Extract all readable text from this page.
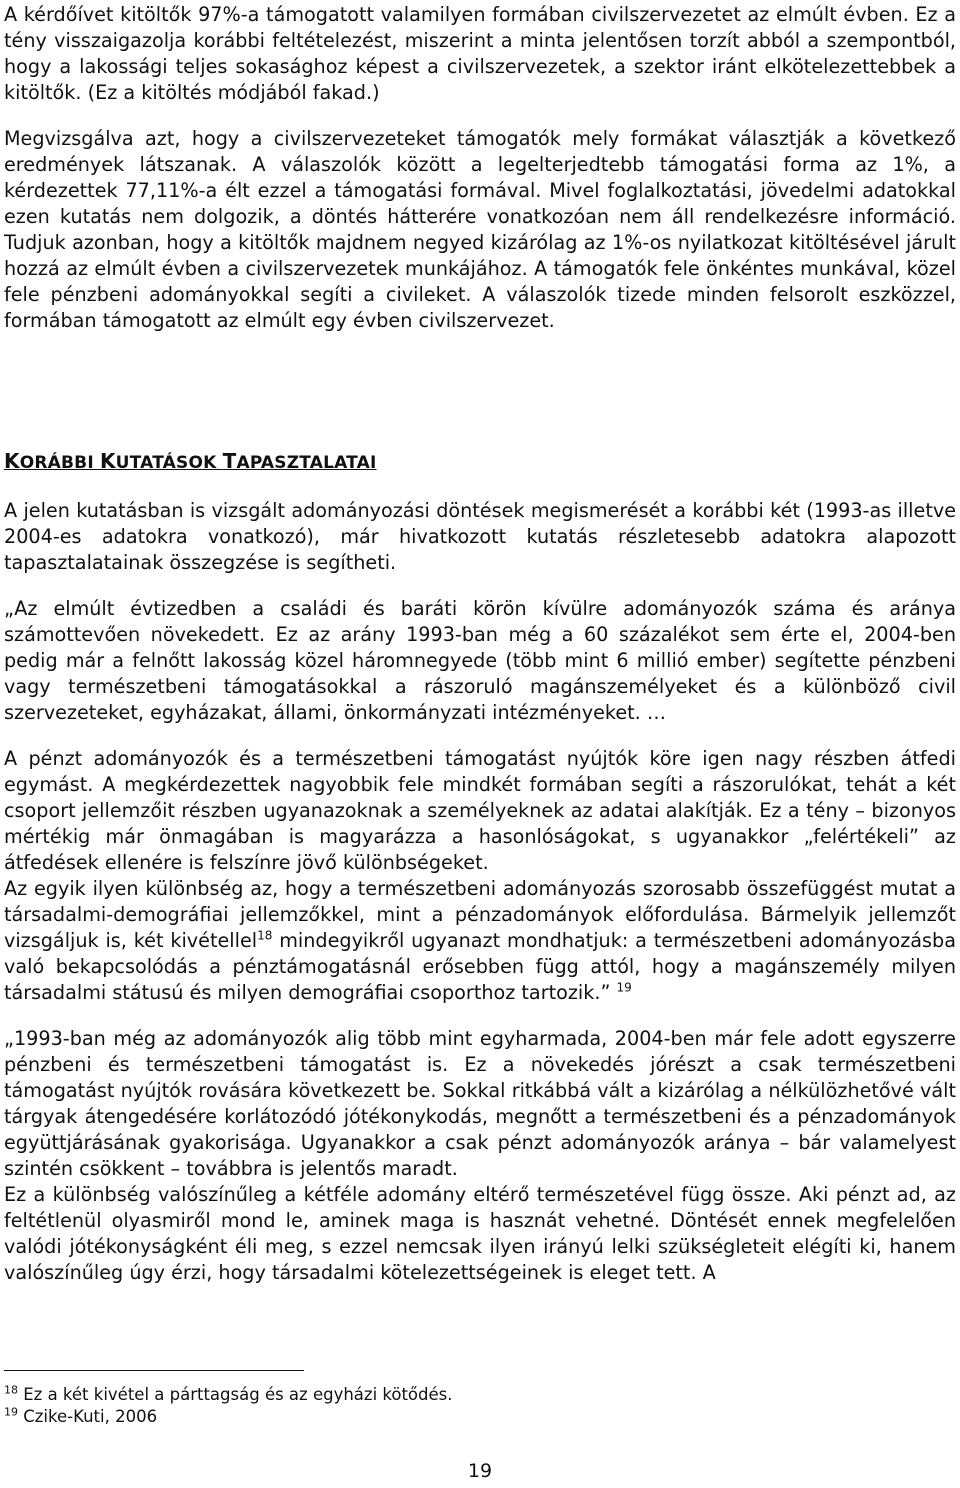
A kérdőívet kitöltők 97%-a támogatott valamilyen formában civilszervezetet az elmúlt évben. Ez a tény visszaigazolja korábbi feltételezést, miszerint a minta jelentősen torzít abból a szempontból, hogy a lakossági teljes sokasághoz képest a civilszervezetek, a szektor iránt elkötelezettebbek a kitöltők. (Ez a kitöltés módjából fakad.)

Megvizsgálva azt, hogy a civilszervezeteket támogatók mely formákat választják a következő eredmények látszanak. A válaszolók között a legelterjedtebb támogatási forma az 1%, a kérdezettek 77,11%-a élt ezzel a támogatási formával. Mivel foglalkoztatási, jövedelmi adatokkal ezen kutatás nem dolgozik, a döntés hátterére vonatkozóan nem áll rendelkezésre információ. Tudjuk azonban, hogy a kitöltők majdnem negyed kizárólag az 1%-os nyilatkozat kitöltésével járult hozzá az elmúlt évben a civilszervezetek munkájához. A támogatók fele önkéntes munkával, közel fele pénzbeni adományokkal segíti a civileket. A válaszolók tizede minden felsorolt eszközzel, formában támogatott az elmúlt egy évben civilszervezet.

KORÁBBI KUTATÁSOK TAPASZTALATAI

A jelen kutatásban is vizsgált adományozási döntések megismerését a korábbi két (1993-as illetve 2004-es adatokra vonatkozó), már hivatkozott kutatás részletesebb adatokra alapozott tapasztalatainak összegzése is segítheti.

„Az elmúlt évtizedben a családi és baráti körön kívülre adományozók száma és aránya számottevően növekedett. Ez az arány 1993-ban még a 60 százalékot sem érte el, 2004-ben pedig már a felnőtt lakosság közel háromnegyede (több mint 6 millió ember) segítette pénzbeni vagy természetbeni támogatásokkal a rászoruló magánszemélyeket és a különböző civil szervezeteket, egyházakat, állami, önkormányzati intézményeket. …

A pénzt adományozók és a természetbeni támogatást nyújtók köre igen nagy részben átfedi egymást. A megkérdezettek nagyobbik fele mindkét formában segíti a rászorulókat, tehát a két csoport jellemzőit részben ugyanazoknak a személyeknek az adatai alakítják. Ez a tény – bizonyos mértékig már önmagában is magyarázza a hasonlóságokat, s ugyanakkor „felértékeli” az átfedések ellenére is felszínre jövő különbségeket.

Az egyik ilyen különbség az, hogy a természetbeni adományozás szorosabb összefüggést mutat a társadalmi-demográfiai jellemzőkkel, mint a pénzadományok előfordulása. Bármelyik jellemzőt vizsgáljuk is, két kivétellel$^{18}$ mindegyikről ugyanazt mondhatjuk: a természetbeni adományozásba való bekapcsolódás a pénztámogatásnál erősebben függ attól, hogy a magánszemély milyen társadalmi státusú és milyen demográfiai csoporthoz tartozik.” $^{19}$

„1993-ban még az adományozók alig több mint egyharmada, 2004-ben már fele adott egyszerre pénzbeni és természetbeni támogatást is. Ez a növekedés jórészt a csak természetbeni támogatást nyújtók rovására következett be. Sokkal ritkábbá vált a kizárólag a nélkülözhetővé vált tárgyak átengedésére korlátozódó jótékonykodás, megnőtt a természetbeni és a pénzadományok együttjárásának gyakorisága. Ugyanakkor a csak pénzt adományozók aránya – bár valamelyest szintén csökkent – továbbra is jelentős maradt.

Ez a különbség valószínűleg a kétféle adomány eltérő természetével függ össze. Aki pénzt ad, az feltétlenül olyasmiről mond le, aminek maga is hasznát vehetné. Döntését ennek megfelelően valódi jótékonyságként éli meg, s ezzel nemcsak ilyen irányú lelki szükségleteit elégíti ki, hanem valószínűleg úgy érzi, hogy társadalmi kötelezettségeinek is eleget tett. A

$^{18}$ Ez a két kivétel a párttagság és az egyházi kötődés.
$^{19}$ Czike-Kuti, 2006
19
